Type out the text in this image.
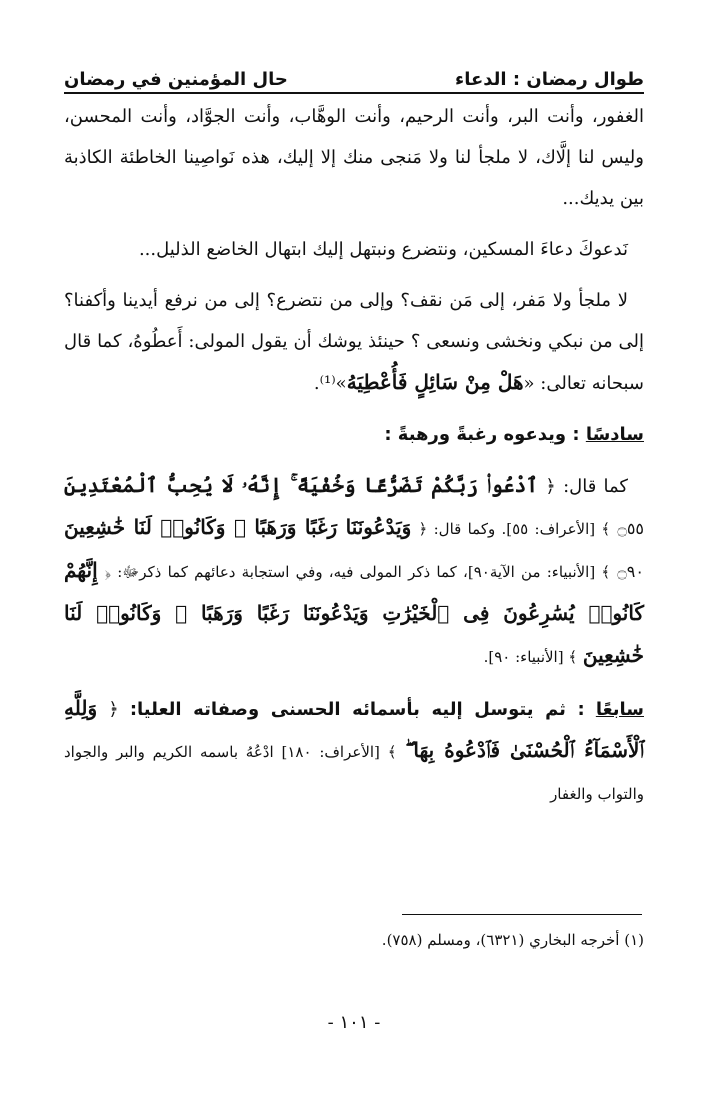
طوال رمضان : الدعاء
حال المؤمنين في رمضان

الغفور، وأنت البر، وأنت الرحيم، وأنت الوهَّاب، وأنت الجوَّاد، وأنت المحسن، وليس لنا إلَّاك، لا ملجأ لنا ولا مَنجى منك إلا إليك، هذه نَواصِينا الخاطئة الكاذبة بين يديك...

نَدعوكَ دعاءَ المسكين، ونتضرع ونبتهل إليك ابتهال الخاضع الذليل...

لا ملجأ ولا مَفر، إلى مَن نقف؟ وإلى من نتضرع؟ إلى من نرفع أيدينا وأكفنا؟ إلى من نبكي ونخشى ونسعى ؟ حينئذ يوشك أن يقول المولى: أَعطُوهُ، كما قال سبحانه تعالى: «هَلْ مِنْ سَائِلٍ فَأُعْطِيَهُ»⁽¹⁾.

سادسًا : ويدعوه رغبةً ورهبةً :

كما قال: ﴿ ٱدْعُوا۟ رَبَّكُمْ تَضَرُّعًا وَخُفْيَةً ۚ إِنَّهُۥ لَا يُحِبُّ ٱلْمُعْتَدِينَ ۝٥٥ ﴾ [الأعراف: ٥٥]. وكما قال: ﴿ وَيَدْعُونَنَا رَغَبًا وَرَهَبًا ۖ وَكَانُوا۟ لَنَا خَٰشِعِينَ ۝٩٠ ﴾ [الأنبياء: من الآية٩٠]، كما ذكر المولى فيه، وفي استجابة دعائهم كما ذكرﷻ: ﴿ إِنَّهُمْ كَانُوا۟ يُسَٰرِعُونَ فِى ٱلْخَيْرَٰتِ وَيَدْعُونَنَا رَغَبًا وَرَهَبًا ۖ وَكَانُوا۟ لَنَا خَٰشِعِينَ ﴾ [الأنبياء: ٩٠].

سابعًا : ثم يتوسل إليه بأسمائه الحسنى وصفاته العليا: ﴿ وَلِلَّهِ ٱلْأَسْمَآءُ ٱلْحُسْنَىٰ فَٱدْعُوهُ بِهَا ۖ ﴾ [الأعراف: ١٨٠] ادْعُهُ باسمه الكريم والبر والجواد والتواب والغفار

(١) أخرجه البخاري (٦٣٢١)، ومسلم (٧٥٨).
- ١٠١ -
